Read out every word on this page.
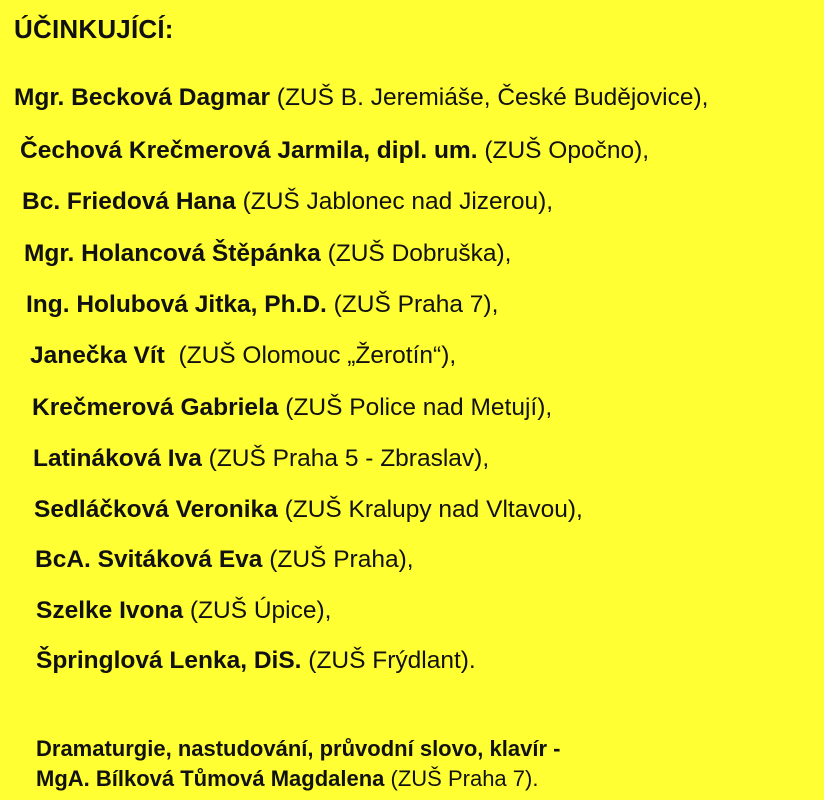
ÚČINKUJÍCÍ:
Mgr. Becková Dagmar (ZUŠ B. Jeremiáše, České Budějovice),
Čechová Krečmerová Jarmila, dipl. um. (ZUŠ Opočno),
Bc. Friedová Hana (ZUŠ Jablonec nad Jizerou),
Mgr. Holancová Štěpánka (ZUŠ Dobruška),
Ing. Holubová Jitka, Ph.D. (ZUŠ Praha 7),
Janečka Vít  (ZUŠ Olomouc „Žerotín“),
Krečmerová Gabriela (ZUŠ Police nad Metují),
Latináková Iva (ZUŠ Praha 5 - Zbraslav),
Sedláčková Veronika (ZUŠ Kralupy nad Vltavou),
BcA. Svitáková Eva (ZUŠ Praha),
Szelke Ivona (ZUŠ Úpice),
Špringlová Lenka, DiS. (ZUŠ Frýdlant).
Dramaturgie, nastudování, průvodní slovo, klavír -
MgA. Bílková Tůmová Magdalena (ZUŠ Praha 7).
